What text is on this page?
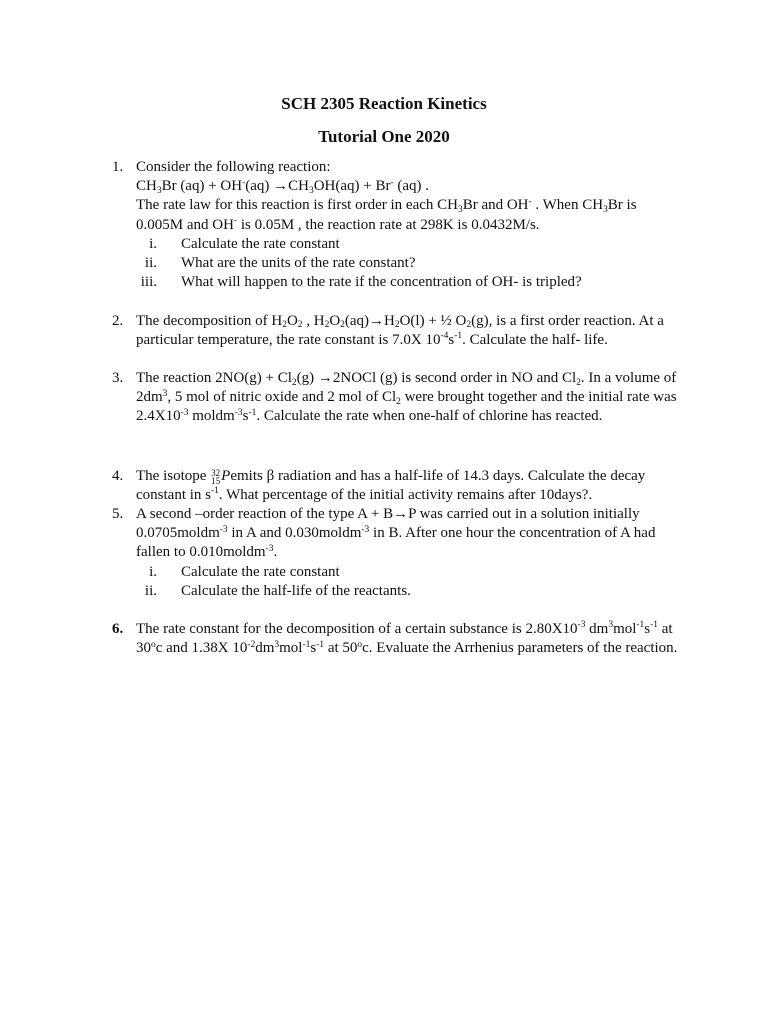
SCH 2305 Reaction Kinetics
Tutorial One 2020
1. Consider the following reaction:
CH3Br (aq) + OH-(aq) →CH3OH(aq) + Br- (aq) .
The rate law for this reaction is first order in each CH3Br and OH- . When CH3Br is
0.005M and OH- is 0.05M , the reaction rate at 298K is 0.0432M/s.
i. Calculate the rate constant
ii. What are the units of the rate constant?
iii. What will happen to the rate if the concentration of OH- is tripled?
2. The decomposition of H2O2 , H2O2(aq)→H2O(l) + ½ O2(g), is a first order reaction. At a
particular temperature, the rate constant is 7.0X $10^{-4}s^{-1}$. Calculate the half- life.
3. The reaction 2NO(g) + Cl2(g) →2NOCl (g) is second order in NO and Cl2. In a volume of
$2dm^3$, 5 mol of nitric oxide and 2 mol of Cl2 were brought together and the initial rate was
$2.4X10^{-3}$ $moldm^{-3}s^{-1}$. Calculate the rate when one-half of chlorine has reacted.
4. The isotope 32
15 Pemits β radiation and has a half-life of 14.3 days. Calculate the decay
constant in $s^{-1}$. What percentage of the initial activity remains after 10days?.
5. A second –order reaction of the type A + B→P was carried out in a solution initially
0.0705moldm$^{-3}$ in A and 0.030moldm$^{-3}$ in B. After one hour the concentration of A had
fallen to 0.010moldm$^{-3}$.
i. Calculate the rate constant
ii. Calculate the half-life of the reactants.
6. The rate constant for the decomposition of a certain substance is $2.80X10^{-3}$ $dm^3mol^{-1}s^{-1}$ at
30$^o$c and 1.38X $10^{-2}dm^3mol^{-1}s^{-1}$ at 50$^o$c. Evaluate the Arrhenius parameters of the reaction.
